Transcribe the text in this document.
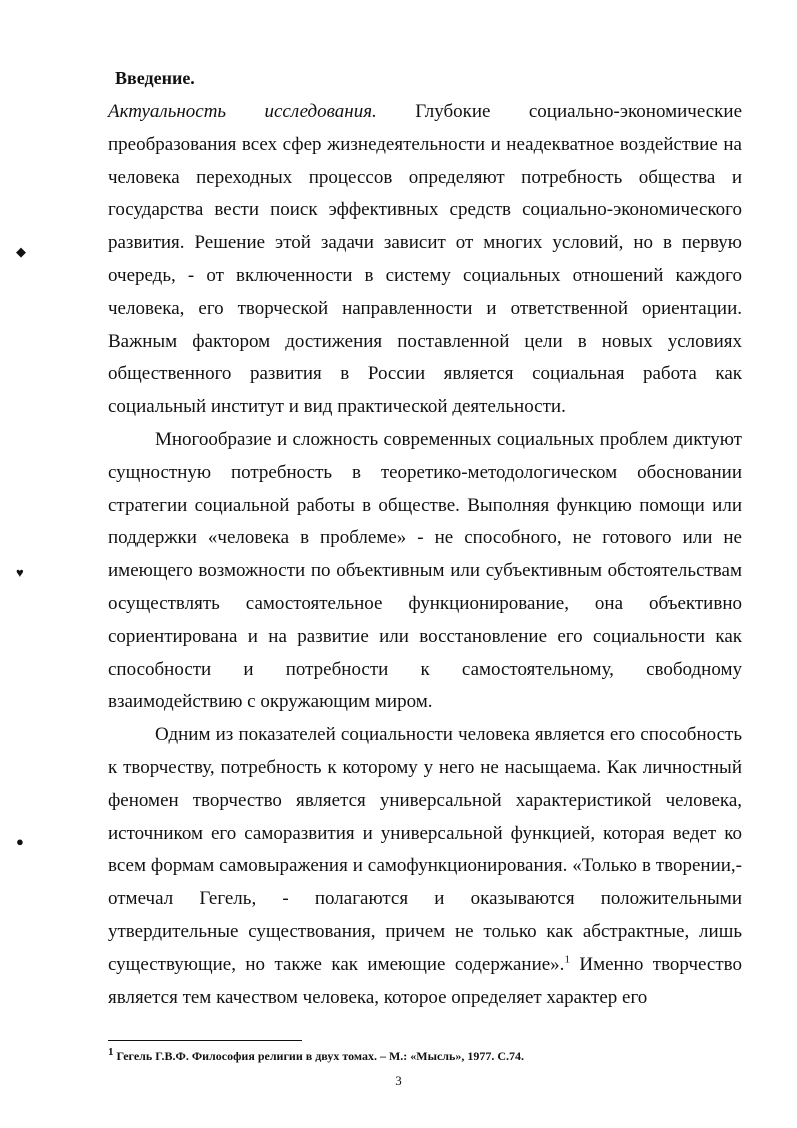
◆
♥
●
Введение.

Актуальность исследования. Глубокие социально-экономические преобразования всех сфер жизнедеятельности и неадекватное воздействие на человека переходных процессов определяют потребность общества и государства вести поиск эффективных средств социально-экономического развития. Решение этой задачи зависит от многих условий, но в первую очередь, - от включенности в систему социальных отношений каждого человека, его творческой направленности и ответственной ориентации. Важным фактором достижения поставленной цели в новых условиях общественного развития в России является социальная работа как социальный институт и вид практической деятельности.

Многообразие и сложность современных социальных проблем диктуют сущностную потребность в теоретико-методологическом обосновании стратегии социальной работы в обществе. Выполняя функцию помощи или поддержки «человека в проблеме» - не способного, не готового или не имеющего возможности по объективным или субъективным обстоятельствам осуществлять самостоятельное функционирование, она объективно сориентирована и на развитие или восстановление его социальности как способности и потребности к самостоятельному, свободному взаимодействию с окружающим миром.

Одним из показателей социальности человека является его способность к творчеству, потребность к которому у него не насыщаема. Как личностный феномен творчество является универсальной характеристикой человека, источником его саморазвития и универсальной функцией, которая ведет ко всем формам самовыражения и самофункционирования. «Только в творении,- отмечал Гегель, - полагаются и оказываются положительными утвердительные существования, причем не только как абстрактные, лишь существующие, но также как имеющие содержание».$^1$ Именно творчество является тем качеством человека, которое определяет характер его

$^1$ Гегель Г.В.Ф. Философия религии в двух томах. – М.: «Мысль», 1977. С.74.
3
